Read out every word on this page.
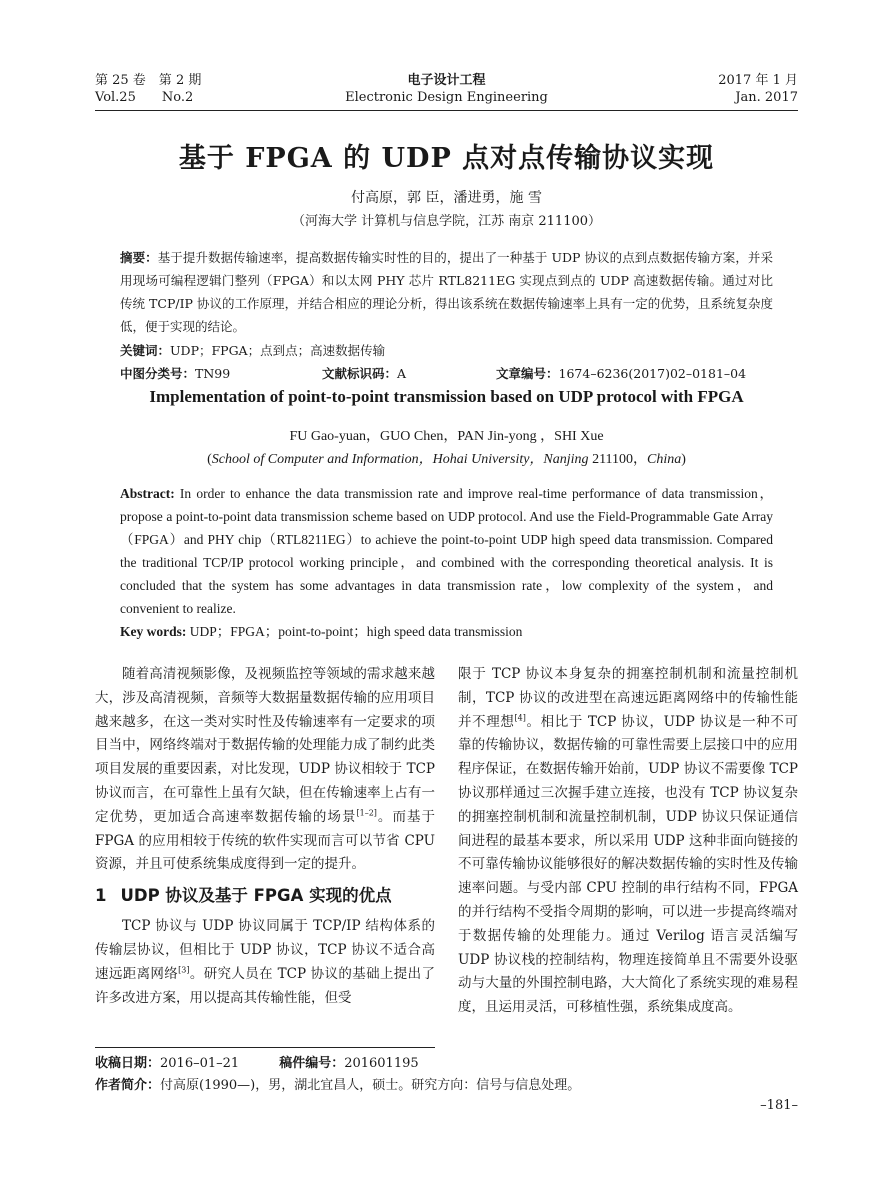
第 25 卷　第 2 期
Vol.25　　No.2
电子设计工程
Electronic Design Engineering
2017 年 1 月
Jan. 2017
基于 FPGA 的 UDP 点对点传输协议实现
付高原，郭 臣，潘进勇，施 雪
（河海大学 计算机与信息学院，江苏 南京 211100）
摘要：基于提升数据传输速率，提高数据传输实时性的目的，提出了一种基于 UDP 协议的点到点数据传输方案，并采用现场可编程逻辑门整列（FPGA）和以太网 PHY 芯片 RTL8211EG 实现点到点的 UDP 高速数据传输。通过对比传统 TCP/IP 协议的工作原理，并结合相应的理论分析，得出该系统在数据传输速率上具有一定的优势，且系统复杂度低，便于实现的结论。
关键词：UDP；FPGA；点到点；高速数据传输
中图分类号：TN99	文献标识码：A	文章编号：1674–6236(2017)02–0181–04
Implementation of point-to-point transmission based on UDP protocol with FPGA
FU Gao-yuan，GUO Chen，PAN Jin-yong ，SHI Xue
(School of Computer and Information，Hohai University，Nanjing 211100，China)
Abstract: In order to enhance the data transmission rate and improve real-time performance of data transmission，propose a point-to-point data transmission scheme based on UDP protocol. And use the Field-Programmable Gate Array（FPGA）and PHY chip（RTL8211EG）to achieve the point-to-point UDP high speed data transmission. Compared the traditional TCP/IP protocol working principle，and combined with the corresponding theoretical analysis. It is concluded that the system has some advantages in data transmission rate，low complexity of the system，and convenient to realize.
Key words: UDP；FPGA；point-to-point；high speed data transmission

随着高清视频影像，及视频监控等领域的需求越来越大，涉及高清视频，音频等大数据量数据传输的应用项目越来越多，在这一类对实时性及传输速率有一定要求的项目当中，网络终端对于数据传输的处理能力成了制约此类项目发展的重要因素，对比发现，UDP 协议相较于 TCP 协议而言，在可靠性上虽有欠缺，但在传输速率上占有一定优势，更加适合高速率数据传输的场景[1–2]。而基于 FPGA 的应用相较于传统的软件实现而言可以节省 CPU 资源，并且可使系统集成度得到一定的提升。

1 UDP 协议及基于 FPGA 实现的优点

TCP 协议与 UDP 协议同属于 TCP/IP 结构体系的传输层协议，但相比于 UDP 协议，TCP 协议不适合高速远距离网络[3]。研究人员在 TCP 协议的基础上提出了许多改进方案，用以提高其传输性能，但受

限于 TCP 协议本身复杂的拥塞控制机制和流量控制机制，TCP 协议的改进型在高速远距离网络中的传输性能并不理想[4]。相比于 TCP 协议，UDP 协议是一种不可靠的传输协议，数据传输的可靠性需要上层接口中的应用程序保证，在数据传输开始前，UDP 协议不需要像 TCP 协议那样通过三次握手建立连接，也没有 TCP 协议复杂的拥塞控制机制和流量控制机制，UDP 协议只保证通信间进程的最基本要求，所以采用 UDP 这种非面向链接的不可靠传输协议能够很好的解决数据传输的实时性及传输速率问题。与受内部 CPU 控制的串行结构不同，FPGA 的并行结构不受指令周期的影响，可以进一步提高终端对于数据传输的处理能力。通过 Verilog 语言灵活编写 UDP 协议栈的控制结构，物理连接简单且不需要外设驱动与大量的外围控制电路，大大简化了系统实现的难易程度，且运用灵活，可移植性强，系统集成度高。

收稿日期：2016–01–21	稿件编号：201601195
作者简介：付高原(1990—)，男，湖北宜昌人，硕士。研究方向：信号与信息处理。
–181–
